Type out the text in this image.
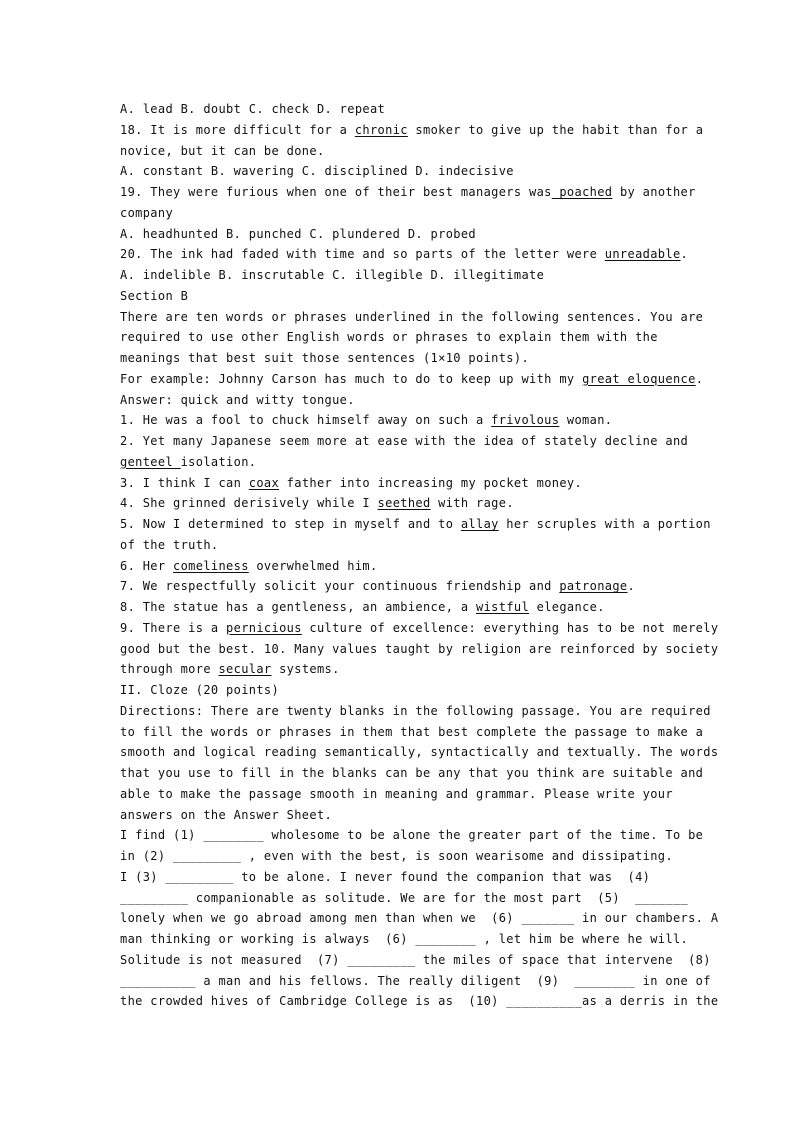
A. lead B. doubt C. check D. repeat
18. It is more difficult for a chronic smoker to give up the habit than for a
novice, but it can be done.
A. constant B. wavering C. disciplined D. indecisive
19. They were furious when one of their best managers was poached by another
company
A. headhunted B. punched C. plundered D. probed
20. The ink had faded with time and so parts of the letter were unreadable.
A. indelible B. inscrutable C. illegible D. illegitimate
Section B
There are ten words or phrases underlined in the following sentences. You are
required to use other English words or phrases to explain them with the
meanings that best suit those sentences (1×10 points).
For example: Johnny Carson has much to do to keep up with my great eloquence.
Answer: quick and witty tongue.
1. He was a fool to chuck himself away on such a frivolous woman.
2. Yet many Japanese seem more at ease with the idea of stately decline and
genteel isolation.
3. I think I can coax father into increasing my pocket money.
4. She grinned derisively while I seethed with rage.
5. Now I determined to step in myself and to allay her scruples with a portion
of the truth.
6. Her comeliness overwhelmed him.
7. We respectfully solicit your continuous friendship and patronage.
8. The statue has a gentleness, an ambience, a wistful elegance.
9. There is a pernicious culture of excellence: everything has to be not merely
good but the best. 10. Many values taught by religion are reinforced by society
through more secular systems.
II. Cloze (20 points)
Directions: There are twenty blanks in the following passage. You are required
to fill the words or phrases in them that best complete the passage to make a
smooth and logical reading semantically, syntactically and textually. The words
that you use to fill in the blanks can be any that you think are suitable and
able to make the passage smooth in meaning and grammar. Please write your
answers on the Answer Sheet.
I find (1) ________ wholesome to be alone the greater part of the time. To be
in (2) _________ , even with the best, is soon wearisome and dissipating.
I (3) _________ to be alone. I never found the companion that was  (4)
_________ companionable as solitude. We are for the most part  (5)  _______
lonely when we go abroad among men than when we  (6) _______ in our chambers. A
man thinking or working is always  (6) ________ , let him be where he will.
Solitude is not measured  (7) _________ the miles of space that intervene  (8)
__________ a man and his fellows. The really diligent  (9)  ________ in one of
the crowded hives of Cambridge College is as  (10) __________as a derris in the
